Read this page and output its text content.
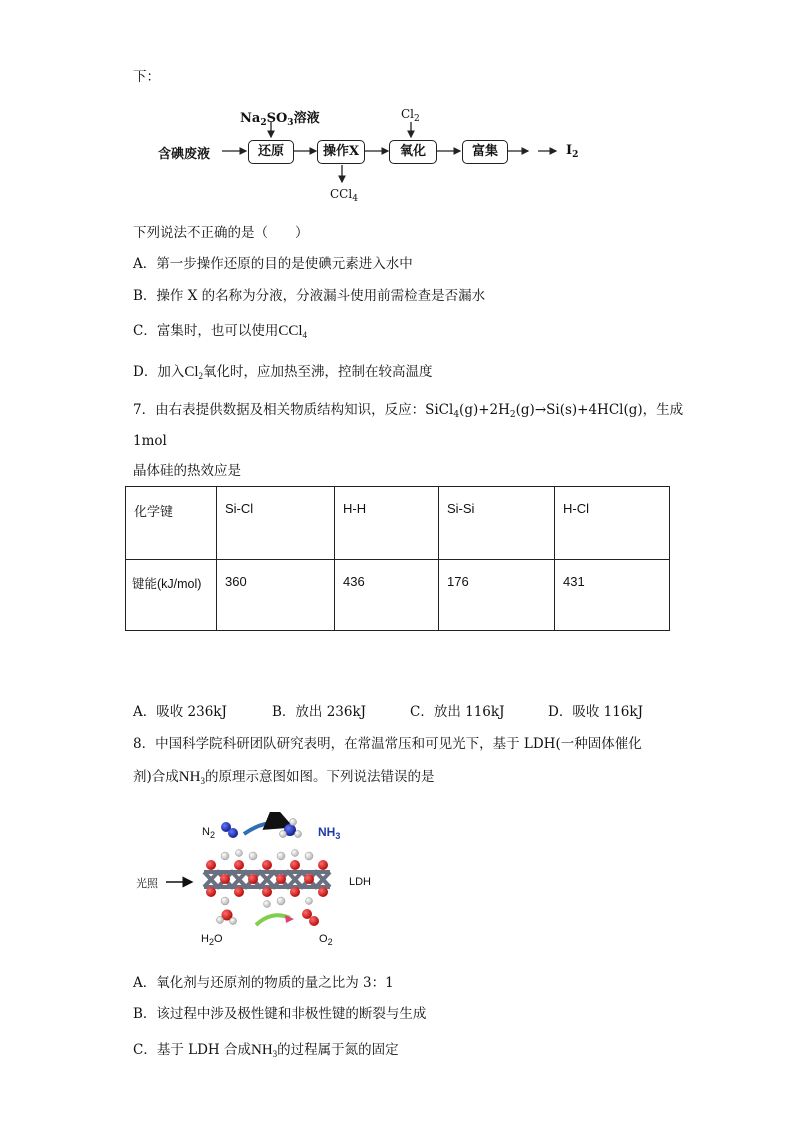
下：
含碘废液
$Na_2SO_3$溶液
还原	操作X
CCl$_4$
$Cl_2$
氧化	富集	$I_2$
下列说法不正确的是（　　）
A．第一步操作还原的目的是使碘元素进入水中
B．操作 X 的名称为分液，分液漏斗使用前需检查是否漏水
C．富集时，也可以使用CCl$_4$
D．加入$Cl_2$氧化时，应加热至沸，控制在较高温度
7．由右表提供数据及相关物质结构知识，反应：$SiCl_4(g)+2H_2(g)\to Si(s)+4HCl(g)$，生成
1mol
晶体硅的热效应是
化学键	Si-Cl	H-H	Si-Si	H-Cl
键能(kJ/mol)	360	436	176	431
A．吸收 236kJ	B．放出 236kJ	C．放出 116kJ	D．吸收 116kJ
8．中国科学院科研团队研究表明，在常温常压和可见光下，基于 LDH(一种固体催化
剂)合成$NH_3$的原理示意图如图。下列说法错误的是
$N_2$	$NH_3$
光照	LDH
$H_2O$	$O_2$
A．氧化剂与还原剂的物质的量之比为 3：1
B．该过程中涉及极性键和非极性键的断裂与生成
C．基于 LDH 合成$NH_3$的过程属于氮的固定
